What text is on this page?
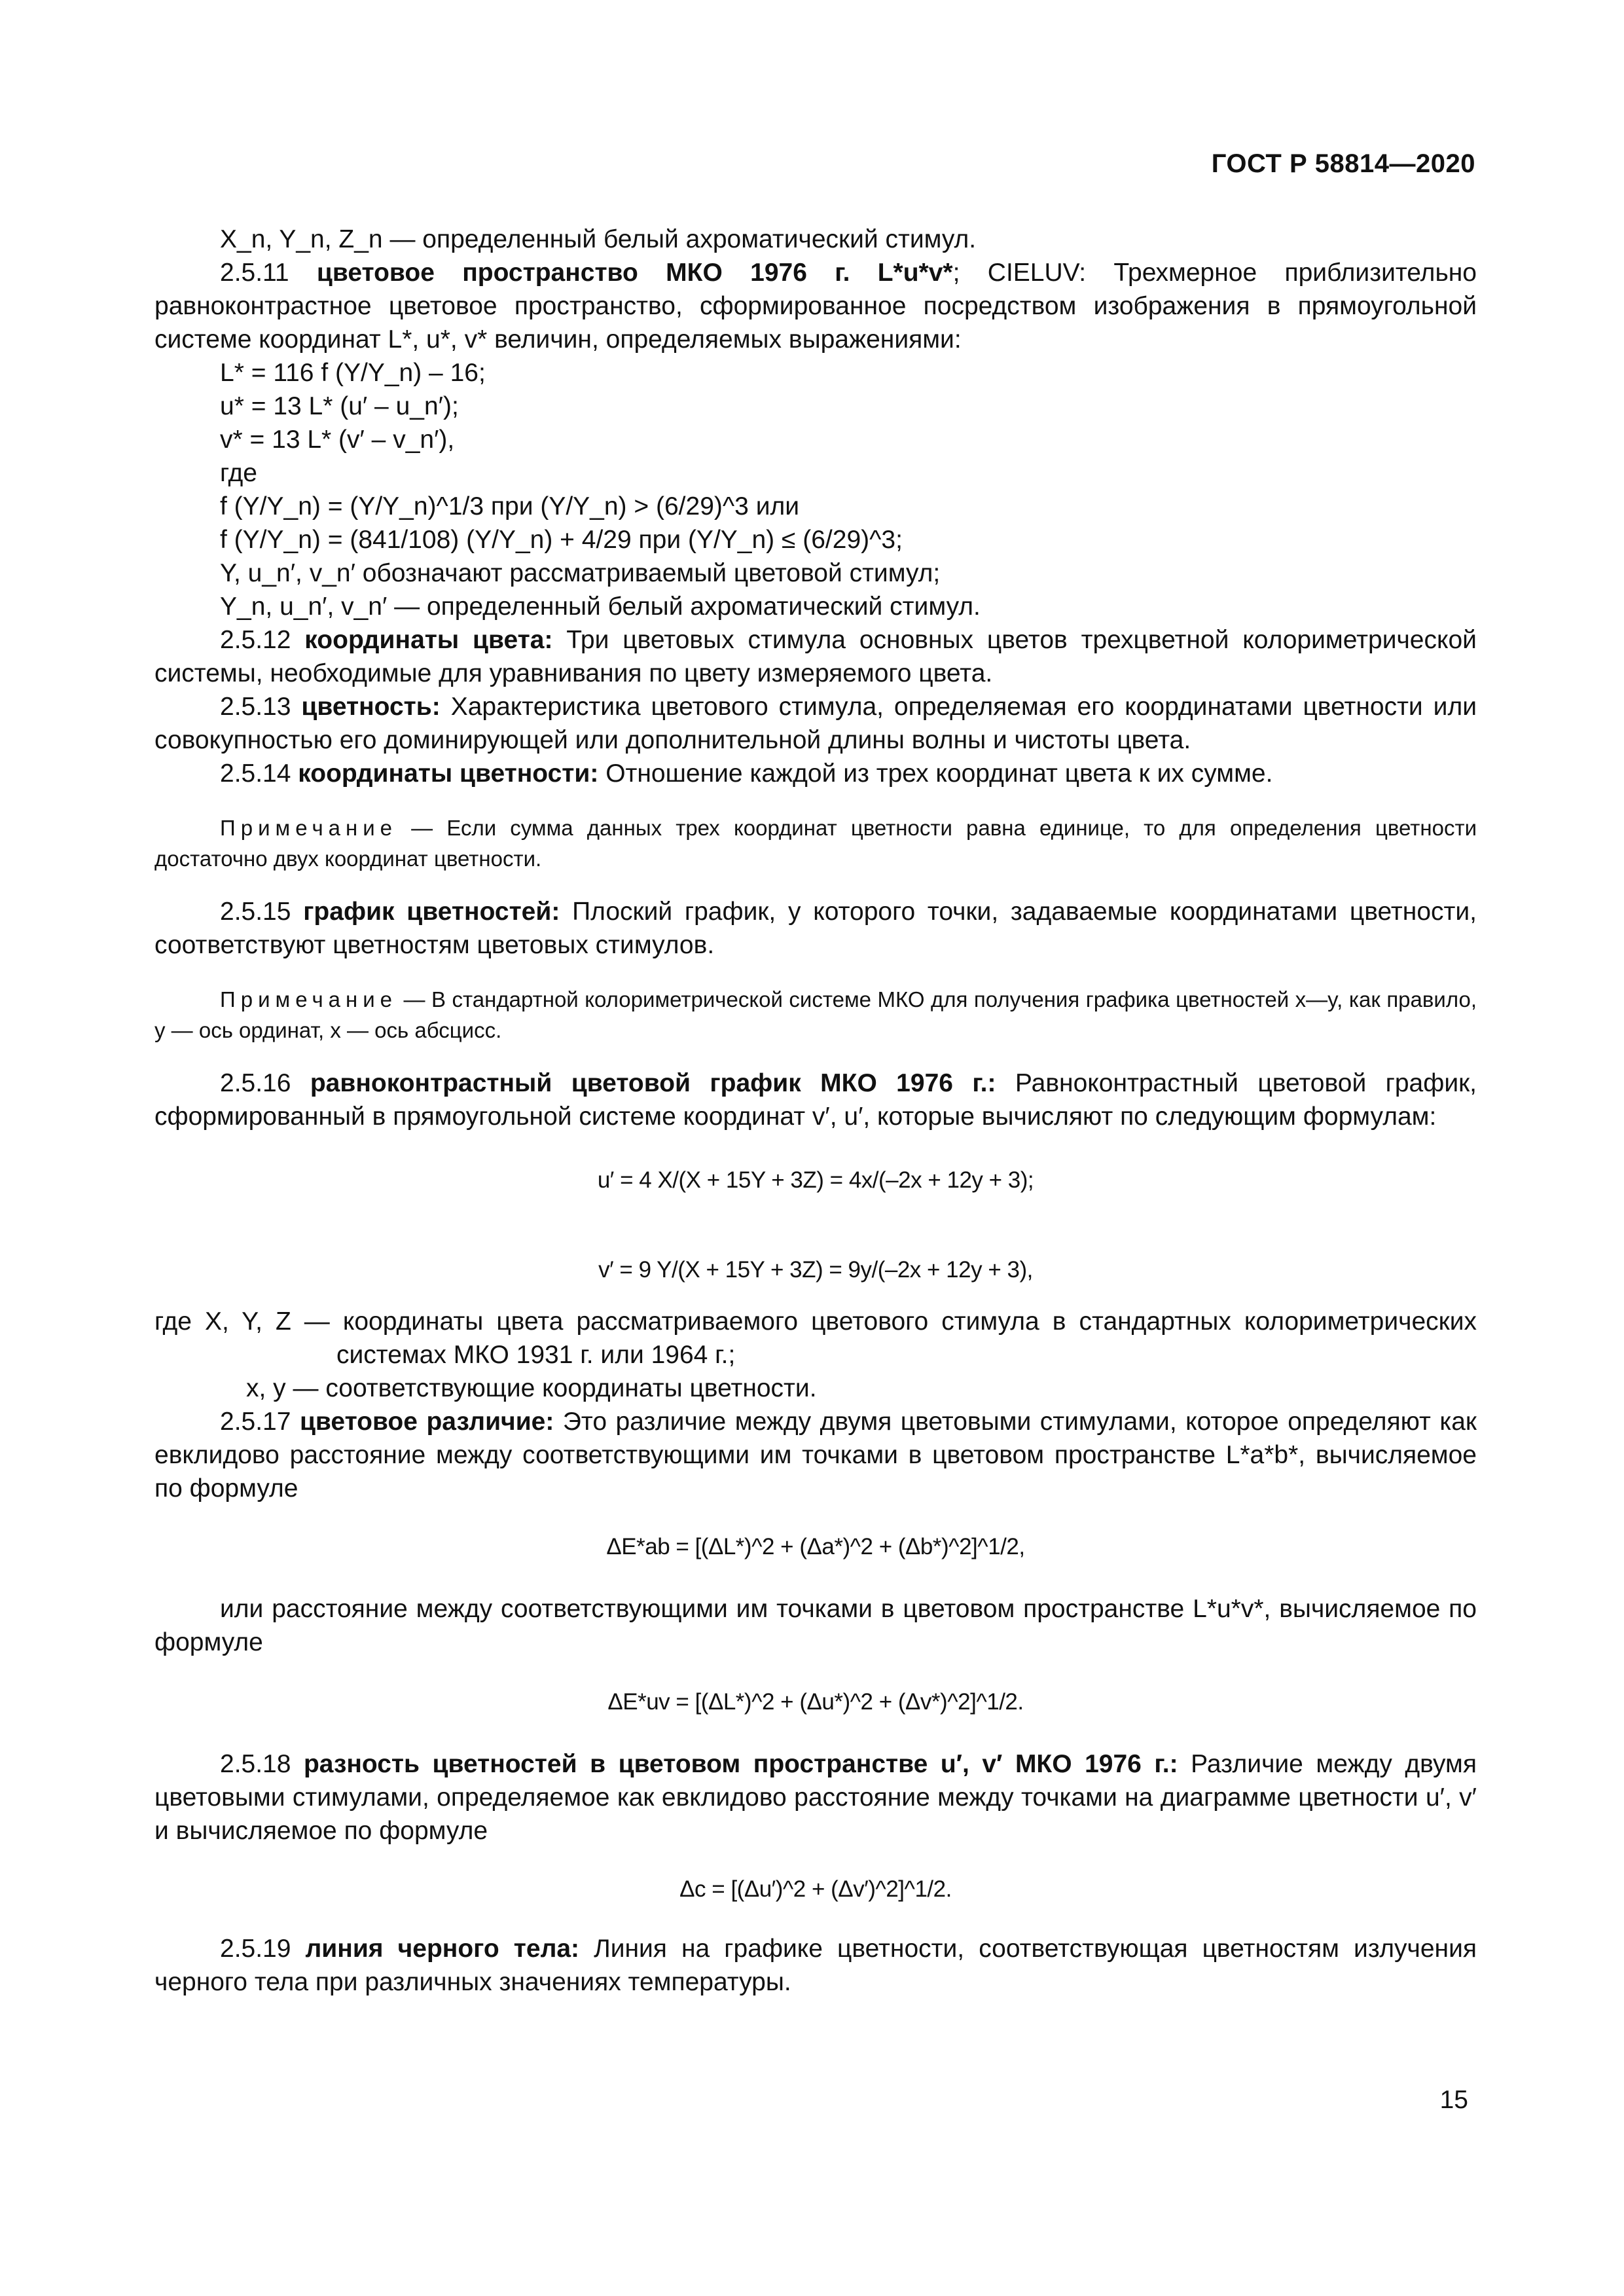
ГОСТ Р 58814—2020

X_n, Y_n, Z_n — определенный белый ахроматический стимул.

2.5.11 цветовое пространство МКО 1976 г. L*u*v*; CIELUV: Трехмерное приблизительно равноконтрастное цветовое пространство, сформированное посредством изображения в прямоугольной системе координат L*, u*, v* величин, определяемых выражениями:

L* = 116 f (Y/Y_n) – 16;

u* = 13 L* (u′ – u_n′);

v* = 13 L* (v′ – v_n′),

где

f (Y/Y_n) = (Y/Y_n)^1/3 при (Y/Y_n) > (6/29)^3 или

f (Y/Y_n) = (841/108) (Y/Y_n) + 4/29 при (Y/Y_n) ≤ (6/29)^3;

Y, u_n′, v_n′ обозначают рассматриваемый цветовой стимул;

Y_n, u_n′, v_n′ — определенный белый ахроматический стимул.

2.5.12 координаты цвета: Три цветовых стимула основных цветов трехцветной колориметрической системы, необходимые для уравнивания по цвету измеряемого цвета.

2.5.13 цветность: Характеристика цветового стимула, определяемая его координатами цветности или совокупностью его доминирующей или дополнительной длины волны и чистоты цвета.

2.5.14 координаты цветности: Отношение каждой из трех координат цвета к их сумме.

Примечание — Если сумма данных трех координат цветности равна единице, то для определения цветности достаточно двух координат цветности.

2.5.15 график цветностей: Плоский график, у которого точки, задаваемые координатами цветности, соответствуют цветностям цветовых стимулов.

Примечание — В стандартной колориметрической системе МКО для получения графика цветностей x—y, как правило, y — ось ординат, x — ось абсцисс.

2.5.16 равноконтрастный цветовой график МКО 1976 г.: Равноконтрастный цветовой график, сформированный в прямоугольной системе координат v′, u′, которые вычисляют по следующим формулам:

u′ = 4 X/(X + 15Y + 3Z) = 4x/(–2x + 12y + 3);

v′ = 9 Y/(X + 15Y + 3Z) = 9y/(–2x + 12y + 3),

где X, Y, Z — координаты цвета рассматриваемого цветового стимула в стандартных колориметрических системах МКО 1931 г. или 1964 г.;

x, y — соответствующие координаты цветности.

2.5.17 цветовое различие: Это различие между двумя цветовыми стимулами, которое определяют как евклидово расстояние между соответствующими им точками в цветовом пространстве L*a*b*, вычисляемое по формуле

ΔE*ab = [(ΔL*)^2 + (Δa*)^2 + (Δb*)^2]^1/2,

или расстояние между соответствующими им точками в цветовом пространстве L*u*v*, вычисляемое по формуле

ΔE*uv = [(ΔL*)^2 + (Δu*)^2 + (Δv*)^2]^1/2.

2.5.18 разность цветностей в цветовом пространстве u′, v′ МКО 1976 г.: Различие между двумя цветовыми стимулами, определяемое как евклидово расстояние между точками на диаграмме цветности u′, v′ и вычисляемое по формуле

Δc = [(Δu′)^2 + (Δv′)^2]^1/2.

2.5.19 линия черного тела: Линия на графике цветности, соответствующая цветностям излучения черного тела при различных значениях температуры.

15
